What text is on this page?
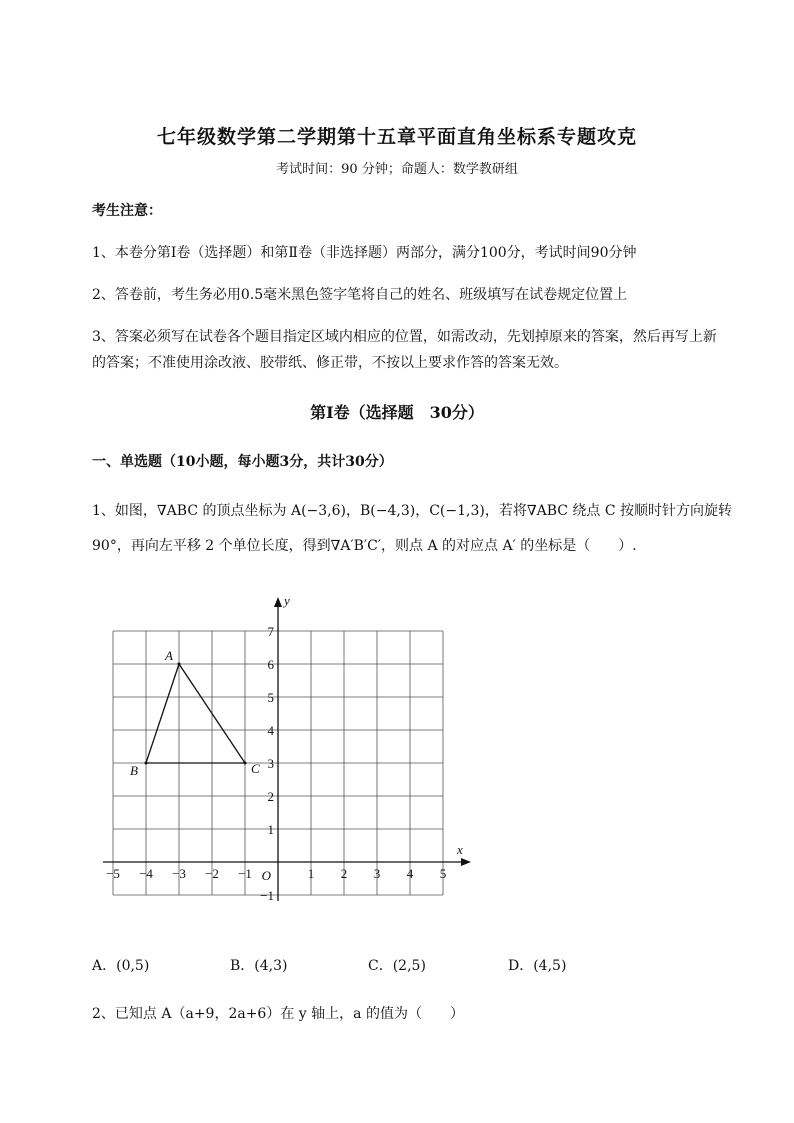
七年级数学第二学期第十五章平面直角坐标系专题攻克
考试时间：90 分钟；命题人：数学教研组
考生注意：
1、本卷分第Ⅰ卷（选择题）和第Ⅱ卷（非选择题）两部分，满分100分，考试时间90分钟
2、答卷前，考生务必用0.5毫米黑色签字笔将自己的姓名、班级填写在试卷规定位置上
3、答案必须写在试卷各个题目指定区域内相应的位置，如需改动，先划掉原来的答案，然后再写上新
的答案；不准使用涂改液、胶带纸、修正带，不按以上要求作答的答案无效。
第Ⅰ卷（选择题　30分）
一、单选题（10小题，每小题3分，共计30分）
1、如图，∇ABC 的顶点坐标为 A(−3,6)，B(−4,3)，C(−1,3)，若将∇ABC 绕点 C 按顺时针方向旋转
90°，再向左平移 2 个单位长度，得到∇A′B′C′，则点 A 的对应点 A′ 的坐标是（　　）.
x
y
−5 −4 −3 −2 −1	1 2 3 4 5
−1
1
2
3
4
5
6
7
O
A
B	C
A．(0,5)	B．(4,3)	C．(2,5)	D．(4,5)
2、已知点 A（a+9，2a+6）在 y 轴上，a 的值为（　　）
